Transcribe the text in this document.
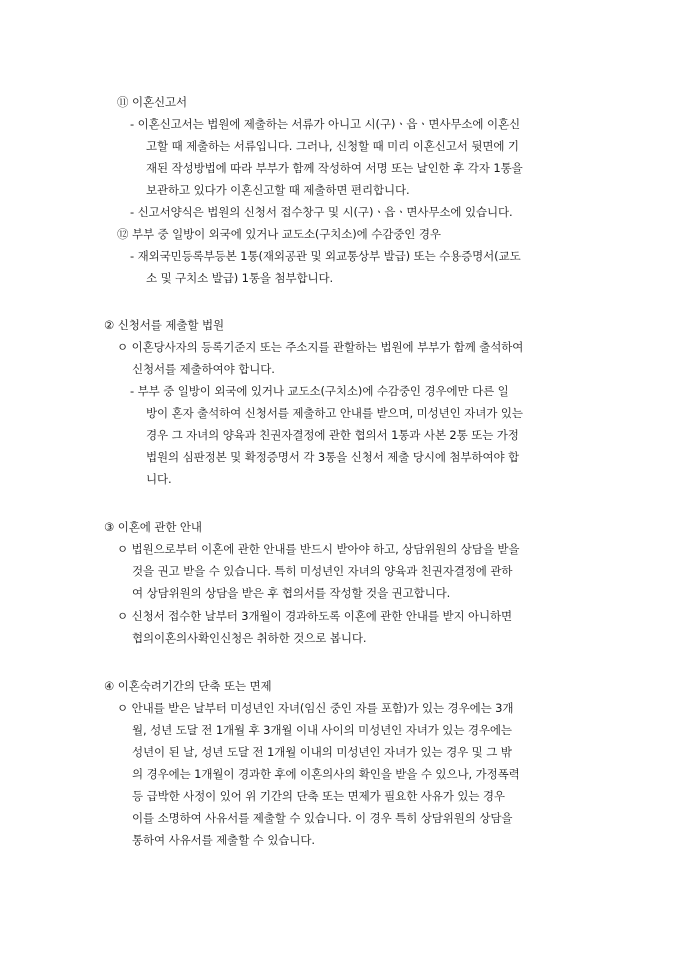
⑪ 이혼신고서
- 이혼신고서는 법원에 제출하는 서류가 아니고 시(구)ㆍ읍ㆍ면사무소에 이혼신
고할 때 제출하는 서류입니다. 그러나, 신청할 때 미리 이혼신고서 뒷면에 기
재된 작성방법에 따라 부부가 함께 작성하여 서명 또는 날인한 후 각자 1통을
보관하고 있다가 이혼신고할 때 제출하면 편리합니다.
- 신고서양식은 법원의 신청서 접수창구 및 시(구)ㆍ읍ㆍ면사무소에 있습니다.
⑫ 부부 중 일방이 외국에 있거나 교도소(구치소)에 수감중인 경우
- 재외국민등록부등본 1통(재외공관 및 외교통상부 발급) 또는 수용증명서(교도
소 및 구치소 발급) 1통을 첨부합니다.
② 신청서를 제출할 법원
ㅇ 이혼당사자의 등록기준지 또는 주소지를 관할하는 법원에 부부가 함께 출석하여
신청서를 제출하여야 합니다.
- 부부 중 일방이 외국에 있거나 교도소(구치소)에 수감중인 경우에만 다른 일
방이 혼자 출석하여 신청서를 제출하고 안내를 받으며, 미성년인 자녀가 있는
경우 그 자녀의 양육과 친권자결정에 관한 협의서 1통과 사본 2통 또는 가정
법원의 심판정본 및 확정증명서 각 3통을 신청서 제출 당시에 첨부하여야 합
니다.
③ 이혼에 관한 안내
ㅇ 법원으로부터 이혼에 관한 안내를 반드시 받아야 하고, 상담위원의 상담을 받을
것을 권고 받을 수 있습니다. 특히 미성년인 자녀의 양육과 친권자결정에 관하
여 상담위원의 상담을 받은 후 협의서를 작성할 것을 권고합니다.
ㅇ 신청서 접수한 날부터 3개월이 경과하도록 이혼에 관한 안내를 받지 아니하면
협의이혼의사확인신청은 취하한 것으로 봅니다.
④ 이혼숙려기간의 단축 또는 면제
ㅇ 안내를 받은 날부터 미성년인 자녀(임신 중인 자를 포함)가 있는 경우에는 3개
월, 성년 도달 전 1개월 후 3개월 이내 사이의 미성년인 자녀가 있는 경우에는
성년이 된 날, 성년 도달 전 1개월 이내의 미성년인 자녀가 있는 경우 및 그 밖
의 경우에는 1개월이 경과한 후에 이혼의사의 확인을 받을 수 있으나, 가정폭력
등 급박한 사정이 있어 위 기간의 단축 또는 면제가 필요한 사유가 있는 경우
이를 소명하여 사유서를 제출할 수 있습니다. 이 경우 특히 상담위원의 상담을
통하여 사유서를 제출할 수 있습니다.
